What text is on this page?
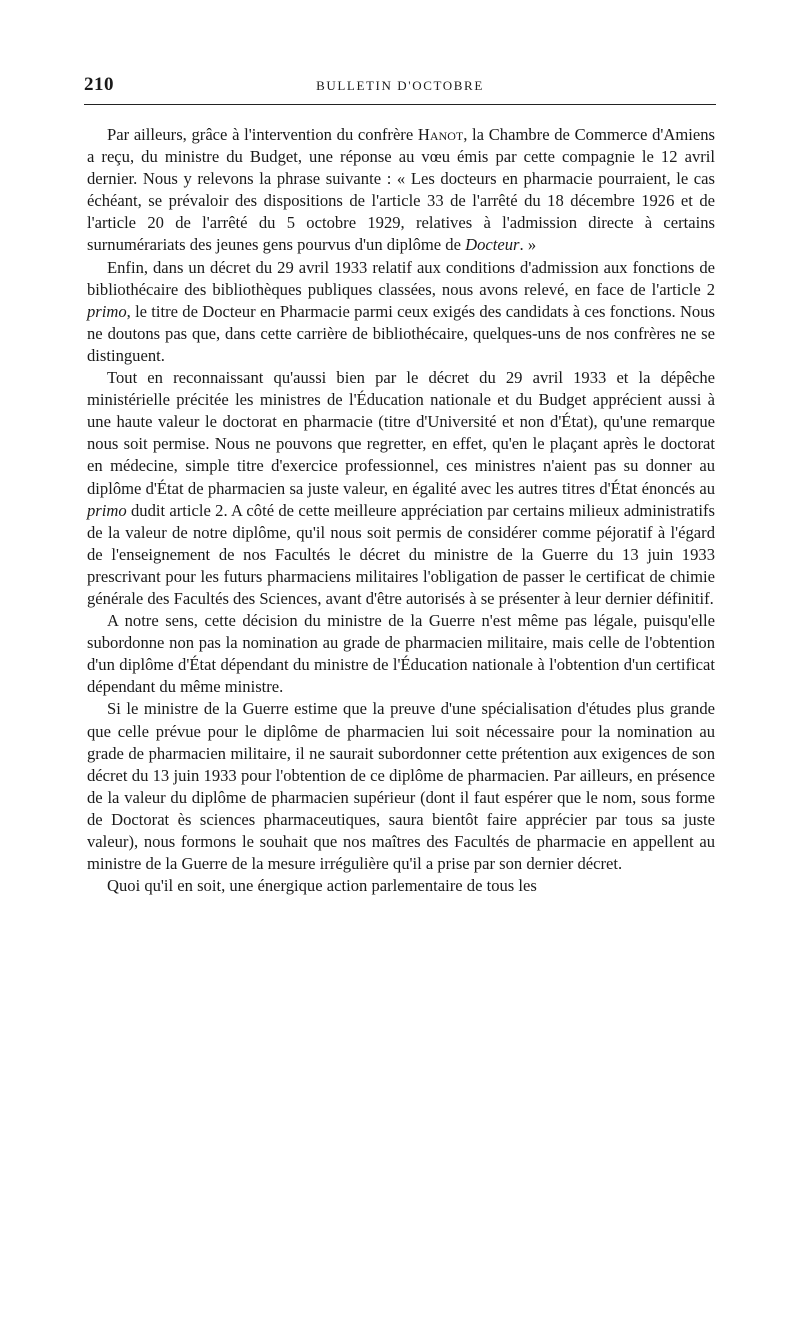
210	BULLETIN D'OCTOBRE

Par ailleurs, grâce à l'intervention du confrère Hanot, la Chambre de Commerce d'Amiens a reçu, du ministre du Budget, une réponse au vœu émis par cette compagnie le 12 avril dernier. Nous y relevons la phrase suivante : « Les docteurs en pharmacie pourraient, le cas échéant, se prévaloir des dispositions de l'article 33 de l'arrêté du 18 décembre 1926 et de l'article 20 de l'arrêté du 5 octobre 1929, relatives à l'admission directe à certains surnumérariats des jeunes gens pourvus d'un diplôme de Docteur. »

Enfin, dans un décret du 29 avril 1933 relatif aux conditions d'admission aux fonctions de bibliothécaire des bibliothèques publiques classées, nous avons relevé, en face de l'article 2 primo, le titre de Docteur en Pharmacie parmi ceux exigés des candidats à ces fonctions. Nous ne doutons pas que, dans cette carrière de bibliothécaire, quelques-uns de nos confrères ne se distinguent.

Tout en reconnaissant qu'aussi bien par le décret du 29 avril 1933 et la dépêche ministérielle précitée les ministres de l'Éducation nationale et du Budget apprécient aussi à une haute valeur le doctorat en pharmacie (titre d'Université et non d'État), qu'une remarque nous soit permise. Nous ne pouvons que regretter, en effet, qu'en le plaçant après le doctorat en médecine, simple titre d'exercice professionnel, ces ministres n'aient pas su donner au diplôme d'État de pharmacien sa juste valeur, en égalité avec les autres titres d'État énoncés au primo dudit article 2. A côté de cette meilleure appréciation par certains milieux administratifs de la valeur de notre diplôme, qu'il nous soit permis de considérer comme péjoratif à l'égard de l'enseignement de nos Facultés le décret du ministre de la Guerre du 13 juin 1933 prescrivant pour les futurs pharmaciens militaires l'obligation de passer le certificat de chimie générale des Facultés des Sciences, avant d'être autorisés à se présenter à leur dernier définitif.

A notre sens, cette décision du ministre de la Guerre n'est même pas légale, puisqu'elle subordonne non pas la nomination au grade de pharmacien militaire, mais celle de l'obtention d'un diplôme d'État dépendant du ministre de l'Éducation nationale à l'obtention d'un certificat dépendant du même ministre.

Si le ministre de la Guerre estime que la preuve d'une spécialisation d'études plus grande que celle prévue pour le diplôme de pharmacien lui soit nécessaire pour la nomination au grade de pharmacien militaire, il ne saurait subordonner cette prétention aux exigences de son décret du 13 juin 1933 pour l'obtention de ce diplôme de pharmacien. Par ailleurs, en présence de la valeur du diplôme de pharmacien supérieur (dont il faut espérer que le nom, sous forme de Doctorat ès sciences pharmaceutiques, saura bientôt faire apprécier par tous sa juste valeur), nous formons le souhait que nos maîtres des Facultés de pharmacie en appellent au ministre de la Guerre de la mesure irrégulière qu'il a prise par son dernier décret.

Quoi qu'il en soit, une énergique action parlementaire de tous les
